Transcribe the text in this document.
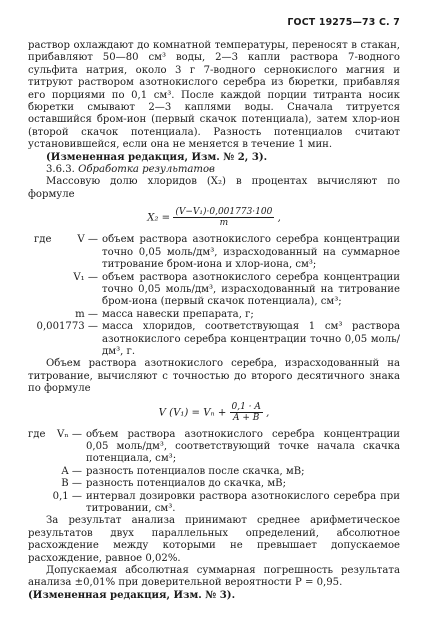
ГОСТ 19275—73 С. 7

раствор охлаждают до комнатной температуры, переносят в стакан, прибавляют 50—80 см³ воды, 2—3 капли раствора 7-водного сульфита натрия, около 3 г 7-водного сернокислого магния и титруют раствором азотнокислого серебра из бюретки, прибавляя его порциями по 0,1 см³. После каждой порции титранта носик бюретки смывают 2—3 каплями воды. Сначала титруется оставшийся бром-ион (первый скачок потенциала), затем хлор-ион (второй скачок потенциала). Разность потенциалов считают установившейся, если она не меняется в течение 1 мин.

(Измененная редакция, Изм. № 2, 3).

3.6.3. Обработка результатов

Массовую долю хлоридов (X₂) в процентах вычисляют по формуле

$X_2 = \frac{\text{(V−V₁)·0,001773·100}}{m}$ ,
где	V — объем раствора азотнокислого серебра концентрации точно 0,05 моль/дм³, израсходованный на суммарное титрование бром-иона и хлор-иона, см³;
V₁ — объем раствора азотнокислого серебра концентрации точно 0,05 моль/дм³, израсходованный на титрование бром-иона (первый скачок потенциала), см³;
m — масса навески препарата, г;
0,001773 — масса хлоридов, соответствующая 1 см³ раствора азотнокислого серебра концентрации точно 0,05 моль/дм³, г.

Объем раствора азотнокислого серебра, израсходованный на титрование, вычисляют с точностью до второго десятичного знака по формуле

V $(V_1) = V_n + \frac{0,1 \cdot A}{A + B}$ ,
где Vₙ — объем раствора азотнокислого серебра концентрации 0,05 моль/дм³, соответствующий точке начала скачка потенциала, см³;
A — разность потенциалов после скачка, мВ;
B — разность потенциалов до скачка, мВ;
0,1 — интервал дозировки раствора азотнокислого серебра при титровании, см³.

За результат анализа принимают среднее арифметическое результатов двух параллельных определений, абсолютное расхождение между которыми не превышает допускаемое расхождение, равное 0,02%.

Допускаемая абсолютная суммарная погрешность результата анализа ±0,01% при доверительной вероятности P = 0,95.

(Измененная редакция, Изм. № 3).
